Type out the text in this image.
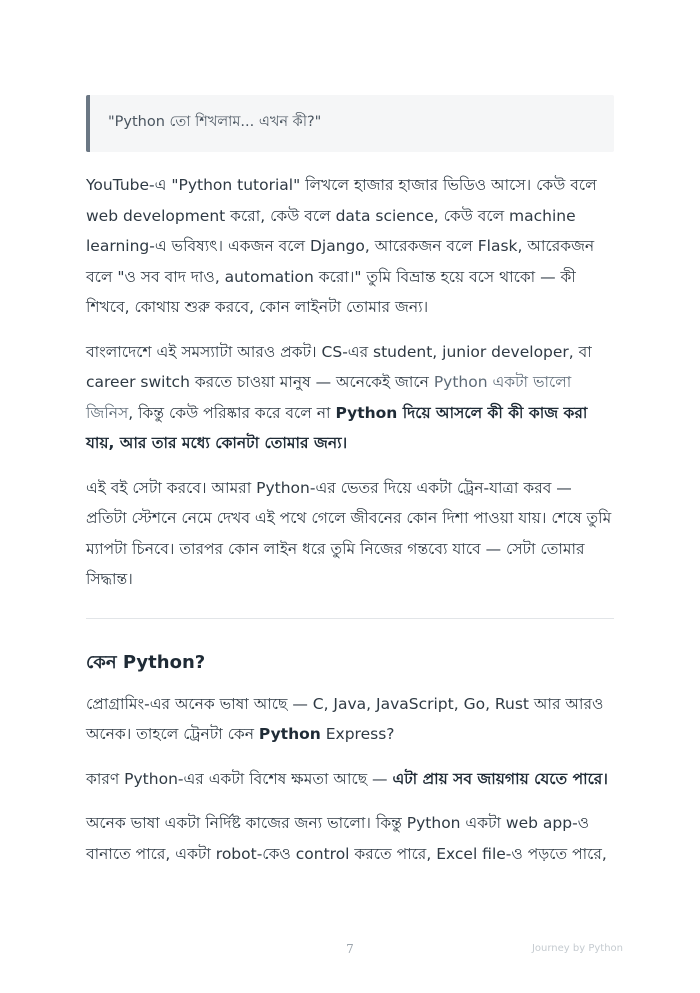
"Python তো শিখলাম... এখন কী?"

YouTube-এ "Python tutorial" লিখলে হাজার হাজার ভিডিও আসে। কেউ বলে web development করো, কেউ বলে data science, কেউ বলে machine learning-এ ভবিষ্যৎ। একজন বলে Django, আরেকজন বলে Flask, আরেকজন বলে "ও সব বাদ দাও, automation করো।" তুমি বিভ্রান্ত হয়ে বসে থাকো — কী শিখবে, কোথায় শুরু করবে, কোন লাইনটা তোমার জন্য।

বাংলাদেশে এই সমস্যাটা আরও প্রকট। CS-এর student, junior developer, বা career switch করতে চাওয়া মানুষ — অনেকেই জানে Python একটা ভালো জিনিস, কিন্তু কেউ পরিষ্কার করে বলে না Python দিয়ে আসলে কী কী কাজ করা যায়, আর তার মধ্যে কোনটা তোমার জন্য।

এই বই সেটা করবে। আমরা Python-এর ভেতর দিয়ে একটা ট্রেন-যাত্রা করব — প্রতিটা স্টেশনে নেমে দেখব এই পথে গেলে জীবনের কোন দিশা পাওয়া যায়। শেষে তুমি ম্যাপটা চিনবে। তারপর কোন লাইন ধরে তুমি নিজের গন্তব্যে যাবে — সেটা তোমার সিদ্ধান্ত।

কেন Python?

প্রোগ্রামিং-এর অনেক ভাষা আছে — C, Java, JavaScript, Go, Rust আর আরও অনেক। তাহলে ট্রেনটা কেন Python Express?

কারণ Python-এর একটা বিশেষ ক্ষমতা আছে — এটা প্রায় সব জায়গায় যেতে পারে।

অনেক ভাষা একটা নির্দিষ্ট কাজের জন্য ভালো। কিন্তু Python একটা web app-ও বানাতে পারে, একটা robot-কেও control করতে পারে, Excel file-ও পড়তে পারে,

7	Journey by Python
